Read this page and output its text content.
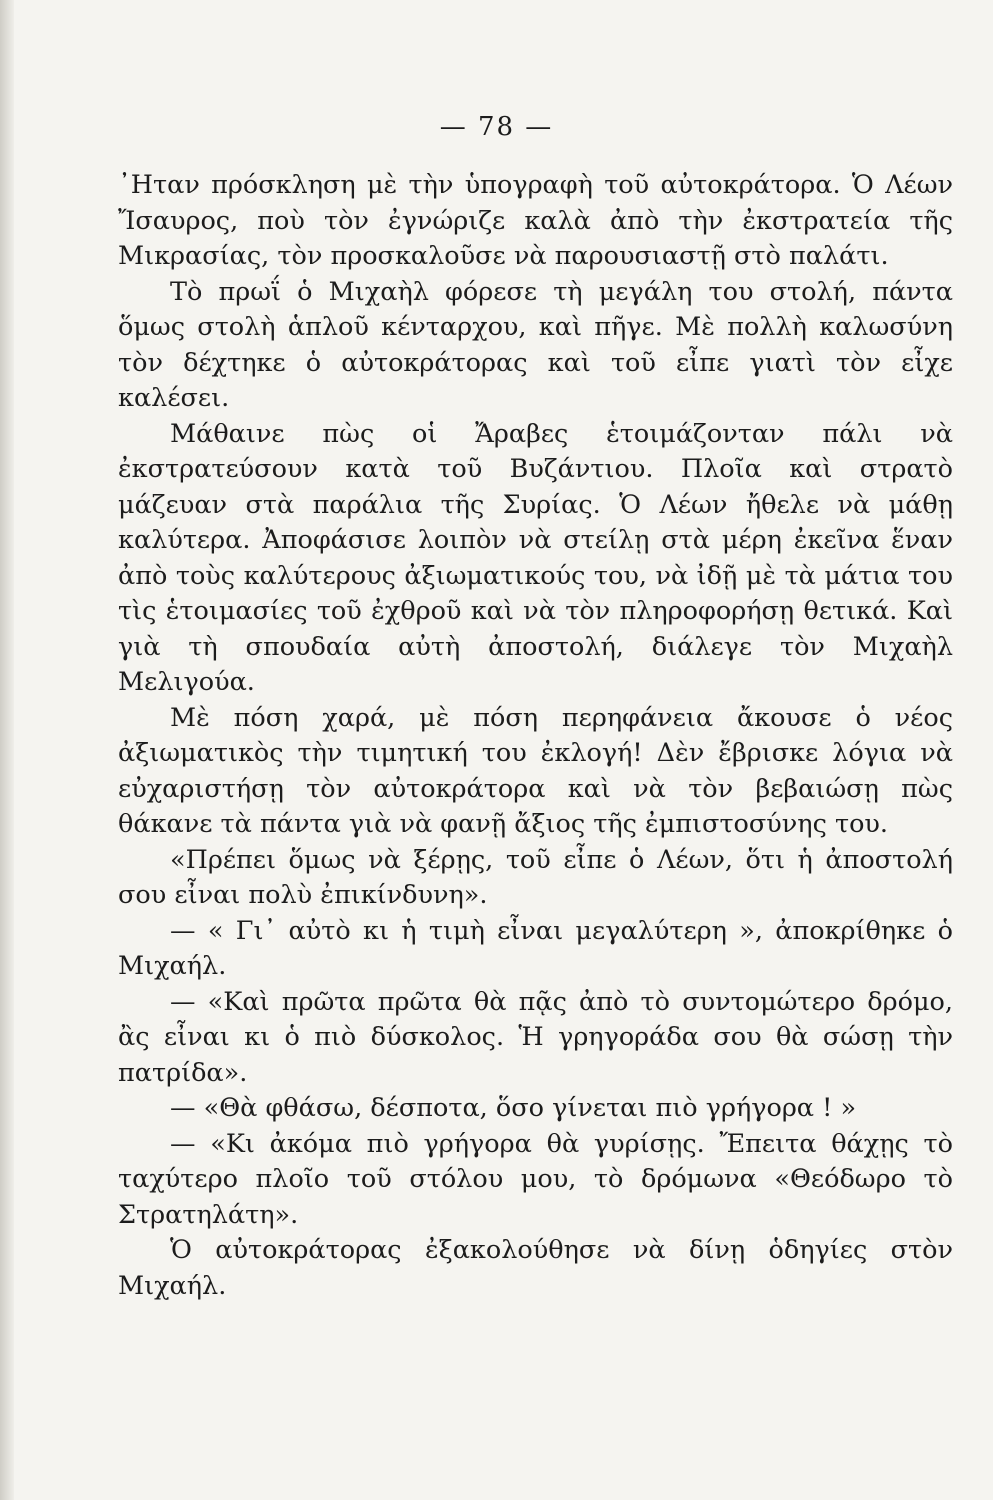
— 78 —

᾿Ηταν πρόσκληση μὲ τὴν ὑπογραφὴ τοῦ αὐτοκράτορα. Ὁ Λέων Ἴσαυρος, ποὺ τὸν ἐγνώριζε καλὰ ἀπὸ τὴν ἐκστρατεία τῆς Μικρασίας, τὸν προσκαλοῦσε νὰ παρουσιαστῇ στὸ παλάτι.

Τὸ πρωΐ ὁ Μιχαὴλ φόρεσε τὴ μεγάλη του στολή, πάντα ὅμως στολὴ ἁπλοῦ κένταρχου, καὶ πῆγε. Μὲ πολλὴ καλωσύνη τὸν δέχτηκε ὁ αὐτοκράτορας καὶ τοῦ εἶπε γιατὶ τὸν εἶχε καλέσει.

Μάθαινε πὼς οἱ Ἄραβες ἑτοιμάζονταν πάλι νὰ ἐκστρατεύσουν κατὰ τοῦ Βυζάντιου. Πλοῖα καὶ στρατὸ μάζευαν στὰ παράλια τῆς Συρίας. Ὁ Λέων ἤθελε νὰ μάθῃ καλύτερα. Ἀποφάσισε λοιπὸν νὰ στείλῃ στὰ μέρη ἐκεῖνα ἕναν ἀπὸ τοὺς καλύτερους ἀξιωματικούς του, νὰ ἰδῇ μὲ τὰ μάτια του τὶς ἑτοιμασίες τοῦ ἐχθροῦ καὶ νὰ τὸν πληροφορήσῃ θετικά. Καὶ γιὰ τὴ σπουδαία αὐτὴ ἀποστολή, διάλεγε τὸν Μιχαὴλ Μελιγούα.

Μὲ πόση χαρά, μὲ πόση περηφάνεια ἄκουσε ὁ νέος ἀξιωματικὸς τὴν τιμητική του ἐκλογή! Δὲν ἔβρισκε λόγια νὰ εὐχαριστήσῃ τὸν αὐτοκράτορα καὶ νὰ τὸν βεβαιώσῃ πὼς θάκανε τὰ πάντα γιὰ νὰ φανῇ ἄξιος τῆς ἐμπιστοσύνης του.

«Πρέπει ὅμως νὰ ξέρῃς, τοῦ εἶπε ὁ Λέων, ὅτι ἡ ἀποστολή σου εἶναι πολὺ ἐπικίνδυνη».

— « Γι᾿ αὐτὸ κι ἡ τιμὴ εἶναι μεγαλύτερη », ἀποκρίθηκε ὁ Μιχαήλ.

— «Καὶ πρῶτα πρῶτα θὰ πᾷς ἀπὸ τὸ συντομώτερο δρόμο, ἂς εἶναι κι ὁ πιὸ δύσκολος. Ἡ γρηγοράδα σου θὰ σώσῃ τὴν πατρίδα».

— «Θὰ φθάσω, δέσποτα, ὅσο γίνεται πιὸ γρήγορα ! »

— «Κι ἀκόμα πιὸ γρήγορα θὰ γυρίσῃς. Ἔπειτα θάχῃς τὸ ταχύτερο πλοῖο τοῦ στόλου μου, τὸ δρόμωνα «Θεόδωρο τὸ Στρατηλάτη».

Ὁ αὐτοκράτορας ἐξακολούθησε νὰ δίνῃ ὁδηγίες στὸν Μιχαήλ.
